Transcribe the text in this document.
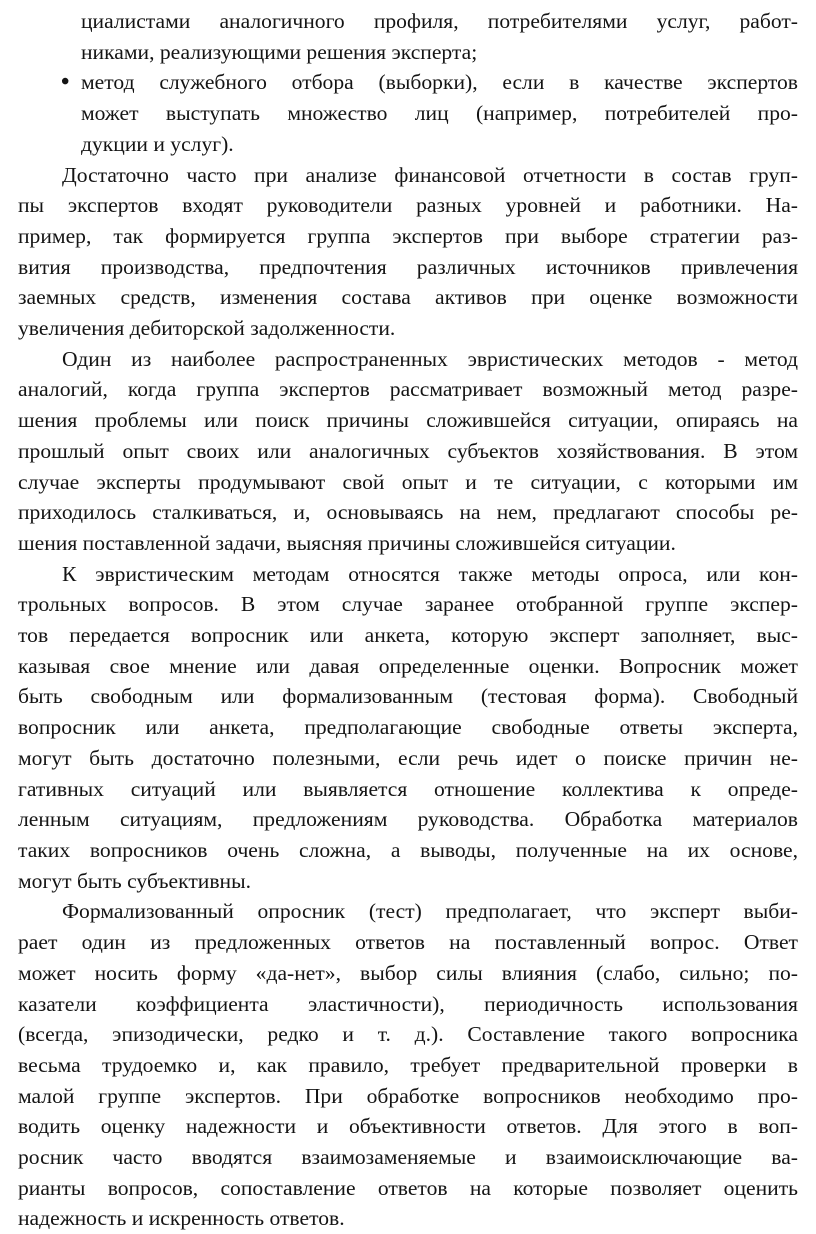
циалистами аналогичного профиля, потребителями услуг, работ-
никами, реализующими решения эксперта;
• метод служебного отбора (выборки), если в качестве экспертов
может выступать множество лиц (например, потребителей про-
дукции и услуг).
Достаточно часто при анализе финансовой отчетности в состав груп-
пы экспертов входят руководители разных уровней и работники. На-
пример, так формируется группа экспертов при выборе стратегии раз-
вития производства, предпочтения различных источников привлечения
заемных средств, изменения состава активов при оценке возможности
увеличения дебиторской задолженности.
Один из наиболее распространенных эвристических методов - метод
аналогий, когда группа экспертов рассматривает возможный метод разре-
шения проблемы или поиск причины сложившейся ситуации, опираясь на
прошлый опыт своих или аналогичных субъектов хозяйствования. В этом
случае эксперты продумывают свой опыт и те ситуации, с которыми им
приходилось сталкиваться, и, основываясь на нем, предлагают способы ре-
шения поставленной задачи, выясняя причины сложившейся ситуации.
К эвристическим методам относятся также методы опроса, или кон-
трольных вопросов. В этом случае заранее отобранной группе экспер-
тов передается вопросник или анкета, которую эксперт заполняет, выс-
казывая свое мнение или давая определенные оценки. Вопросник может
быть свободным или формализованным (тестовая форма). Свободный
вопросник или анкета, предполагающие свободные ответы эксперта,
могут быть достаточно полезными, если речь идет о поиске причин не-
гативных ситуаций или выявляется отношение коллектива к опреде-
ленным ситуациям, предложениям руководства. Обработка материалов
таких вопросников очень сложна, а выводы, полученные на их основе,
могут быть субъективны.
Формализованный опросник (тест) предполагает, что эксперт выби-
рает один из предложенных ответов на поставленный вопрос. Ответ
может носить форму «да-нет», выбор силы влияния (слабо, сильно; по-
казатели коэффициента эластичности), периодичность использования
(всегда, эпизодически, редко и т. д.). Составление такого вопросника
весьма трудоемко и, как правило, требует предварительной проверки в
малой группе экспертов. При обработке вопросников необходимо про-
водить оценку надежности и объективности ответов. Для этого в воп-
росник часто вводятся взаимозаменяемые и взаимоисключающие ва-
рианты вопросов, сопоставление ответов на которые позволяет оценить
надежность и искренность ответов.
